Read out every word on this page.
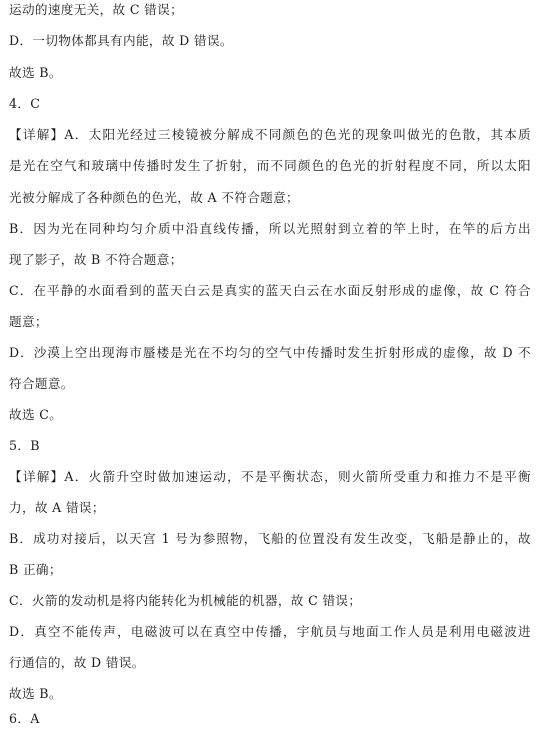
运动的速度无关，故 C 错误；
D．一切物体都具有内能，故 D 错误。
故选 B。
4．C
【详解】A．太阳光经过三棱镜被分解成不同颜色的色光的现象叫做光的色散，其本质
是光在空气和玻璃中传播时发生了折射，而不同颜色的色光的折射程度不同，所以太阳
光被分解成了各种颜色的色光，故 A 不符合题意；
B．因为光在同种均匀介质中沿直线传播，所以光照射到立着的竿上时，在竿的后方出
现了影子，故 B 不符合题意；
C．在平静的水面看到的蓝天白云是真实的蓝天白云在水面反射形成的虚像，故 C 符合
题意；
D．沙漠上空出现海市蜃楼是光在不均匀的空气中传播时发生折射形成的虚像，故 D 不
符合题意。
故选 C。
5．B
【详解】A．火箭升空时做加速运动，不是平衡状态，则火箭所受重力和推力不是平衡
力，故 A 错误；
B．成功对接后，以天宫 1 号为参照物，飞船的位置没有发生改变，飞船是静止的，故
B 正确；
C．火箭的发动机是将内能转化为机械能的机器，故 C 错误；
D．真空不能传声，电磁波可以在真空中传播，宇航员与地面工作人员是利用电磁波进
行通信的，故 D 错误。
故选 B。
6．A
